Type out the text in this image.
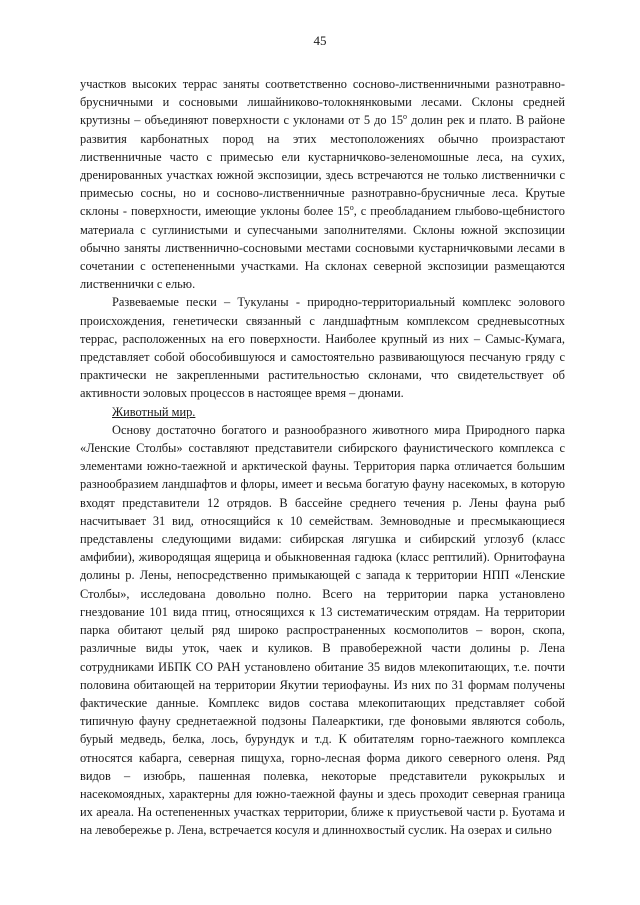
45

участков высоких террас заняты соответственно сосново-лиственничными разнотравно-брусничными и сосновыми лишайниково-толокнянковыми лесами. Склоны средней крутизны – объединяют поверхности с уклонами от 5 до $15^о$ долин рек и плато. В районе развития карбонатных пород на этих местоположениях обычно произрастают лиственничные часто с примесью ели кустарничково-зеленомошные леса, на сухих, дренированных участках южной экспозиции, здесь встречаются не только лиственнички с примесью сосны, но и сосново-лиственничные разнотравно-брусничные леса. Крутые склоны - поверхности, имеющие уклоны более $15^о$, с преобладанием глыбово-щебнистого материала с суглинистыми и супесчаными заполнителями. Склоны южной экспозиции обычно заняты лиственнично-сосновыми местами сосновыми кустарничковыми лесами в сочетании с остепененными участками. На склонах северной экспозиции размещаются лиственнички с елью.

Развеваемые пески – Тукуланы - природно-территориальный комплекс эолового происхождения, генетически связанный с ландшафтным комплексом средневысотных террас, расположенных на его поверхности. Наиболее крупный из них – Самыс-Кумага, представляет собой обособившуюся и самостоятельно развивающуюся песчаную гряду с практически не закрепленными растительностью склонами, что свидетельствует об активности эоловых процессов в настоящее время – дюнами.

Животный мир.

Основу достаточно богатого и разнообразного животного мира Природного парка «Ленские Столбы» составляют представители сибирского фаунистического комплекса с элементами южно-таежной и арктической фауны. Территория парка отличается большим разнообразием ландшафтов и флоры, имеет и весьма богатую фауну насекомых, в которую входят представители 12 отрядов. В бассейне среднего течения р. Лены фауна рыб насчитывает 31 вид, относящийся к 10 семействам. Земноводные и пресмыкающиеся представлены следующими видами: сибирская лягушка и сибирский углозуб (класс амфибии), живородящая ящерица и обыкновенная гадюка (класс рептилий). Орнитофауна долины р. Лены, непосредственно примыкающей с запада к территории НПП «Ленские Столбы», исследована довольно полно. Всего на территории парка установлено гнездование 101 вида птиц, относящихся к 13 систематическим отрядам. На территории парка обитают целый ряд широко распространенных космополитов – ворон, скопа, различные виды уток, чаек и куликов. В правобережной части долины р. Лена сотрудниками ИБПК СО РАН установлено обитание 35 видов млекопитающих, т.е. почти половина обитающей на территории Якутии териофауны. Из них по 31 формам получены фактические данные. Комплекс видов состава млекопитающих представляет собой типичную фауну среднетаежной подзоны Палеарктики, где фоновыми являются соболь, бурый медведь, белка, лось, бурундук и т.д. К обитателям горно-таежного комплекса относятся кабарга, северная пищуха, горно-лесная форма дикого северного оленя. Ряд видов – изюбрь, пашенная полевка, некоторые представители рукокрылых и насекомоядных, характерны для южно-таежной фауны и здесь проходит северная граница их ареала. На остепененных участках территории, ближе к приустьевой части р. Буотама и на левобережье р. Лена, встречается косуля и длиннохвостый суслик. На озерах и сильно
